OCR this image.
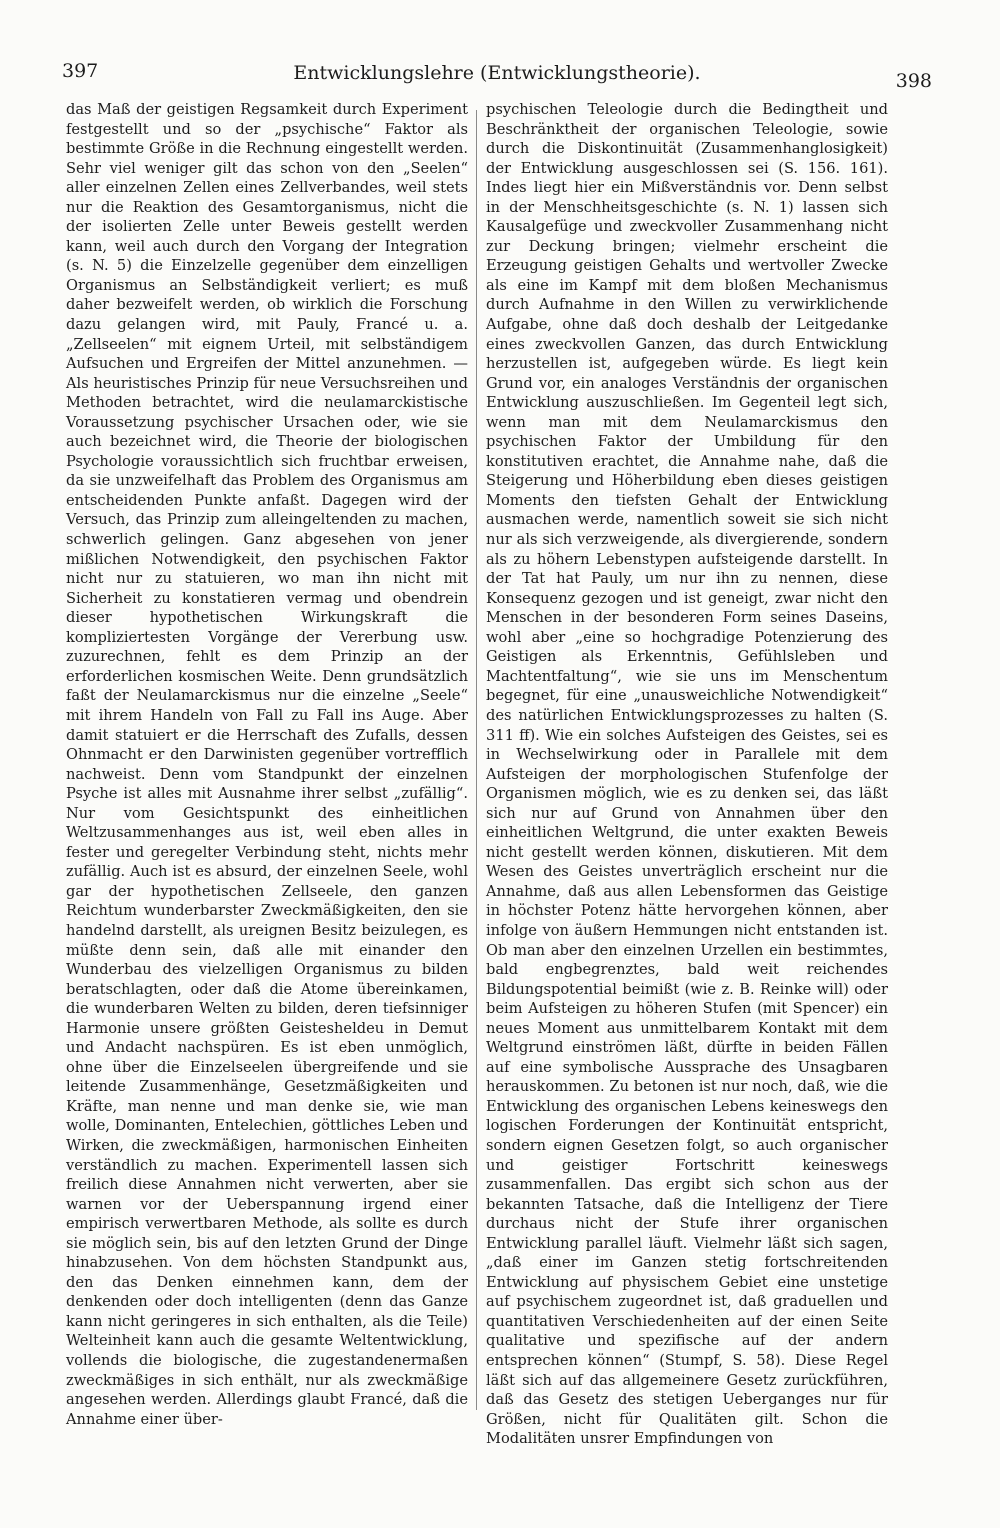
397	Entwicklungslehre (Entwicklungstheorie).	398

das Maß der geistigen Regsamkeit durch Experiment festgestellt und so der „psychische“ Faktor als bestimmte Größe in die Rechnung eingestellt werden. Sehr viel weniger gilt das schon von den „Seelen“ aller einzelnen Zellen eines Zellverbandes, weil stets nur die Reaktion des Gesamtorganismus, nicht die der isolierten Zelle unter Beweis gestellt werden kann, weil auch durch den Vorgang der Integration (s. N. 5) die Einzelzelle gegenüber dem einzelligen Organismus an Selbständigkeit verliert; es muß daher bezweifelt werden, ob wirklich die Forschung dazu gelangen wird, mit Pauly, Francé u. a. „Zellseelen“ mit eignem Urteil, mit selbständigem Aufsuchen und Ergreifen der Mittel anzunehmen. — Als heuristisches Prinzip für neue Versuchsreihen und Methoden betrachtet, wird die neulamarckistische Voraussetzung psychischer Ursachen oder, wie sie auch bezeichnet wird, die Theorie der biologischen Psychologie voraussichtlich sich fruchtbar erweisen, da sie unzweifelhaft das Problem des Organismus am entscheidenden Punkte anfaßt. Dagegen wird der Versuch, das Prinzip zum alleingeltenden zu machen, schwerlich gelingen. Ganz abgesehen von jener mißlichen Notwendigkeit, den psychischen Faktor nicht nur zu statuieren, wo man ihn nicht mit Sicherheit zu konstatieren vermag und obendrein dieser hypothetischen Wirkungskraft die kompliziertesten Vorgänge der Vererbung usw. zuzurechnen, fehlt es dem Prinzip an der erforderlichen kosmischen Weite. Denn grundsätzlich faßt der Neulamarckismus nur die einzelne „Seele“ mit ihrem Handeln von Fall zu Fall ins Auge. Aber damit statuiert er die Herrschaft des Zufalls, dessen Ohnmacht er den Darwinisten gegenüber vortrefflich nachweist. Denn vom Standpunkt der einzelnen Psyche ist alles mit Ausnahme ihrer selbst „zufällig“. Nur vom Gesichtspunkt des einheitlichen Weltzusammenhanges aus ist, weil eben alles in fester und geregelter Verbindung steht, nichts mehr zufällig. Auch ist es absurd, der einzelnen Seele, wohl gar der hypothetischen Zellseele, den ganzen Reichtum wunderbarster Zweckmäßigkeiten, den sie handelnd darstellt, als ureignen Besitz beizulegen, es müßte denn sein, daß alle mit einander den Wunderbau des vielzelligen Organismus zu bilden beratschlagten, oder daß die Atome übereinkamen, die wunderbaren Welten zu bilden, deren tiefsinniger Harmonie unsere größten Geistesheldeu in Demut und Andacht nachspüren. Es ist eben unmöglich, ohne über die Einzelseelen übergreifende und sie leitende Zusammenhänge, Gesetzmäßigkeiten und Kräfte, man nenne und man denke sie, wie man wolle, Dominanten, Entelechien, göttliches Leben und Wirken, die zweckmäßigen, harmonischen Einheiten verständlich zu machen. Experimentell lassen sich freilich diese Annahmen nicht verwerten, aber sie warnen vor der Ueberspannung irgend einer empirisch verwertbaren Methode, als sollte es durch sie möglich sein, bis auf den letzten Grund der Dinge hinabzusehen. Von dem höchsten Standpunkt aus, den das Denken einnehmen kann, dem der denkenden oder doch intelligenten (denn das Ganze kann nicht geringeres in sich enthalten, als die Teile) Welteinheit kann auch die gesamte Weltentwicklung, vollends die biologische, die zugestandenermaßen zweckmäßiges in sich enthält, nur als zweckmäßige angesehen werden. Allerdings glaubt Francé, daß die Annahme einer über-

psychischen Teleologie durch die Bedingtheit und Beschränktheit der organischen Teleologie, sowie durch die Diskontinuität (Zusammenhanglosigkeit) der Entwicklung ausgeschlossen sei (S. 156. 161). Indes liegt hier ein Mißverständnis vor. Denn selbst in der Menschheitsgeschichte (s. N. 1) lassen sich Kausalgefüge und zweckvoller Zusammenhang nicht zur Deckung bringen; vielmehr erscheint die Erzeugung geistigen Gehalts und wertvoller Zwecke als eine im Kampf mit dem bloßen Mechanismus durch Aufnahme in den Willen zu verwirklichende Aufgabe, ohne daß doch deshalb der Leitgedanke eines zweckvollen Ganzen, das durch Entwicklung herzustellen ist, aufgegeben würde. Es liegt kein Grund vor, ein analoges Verständnis der organischen Entwicklung auszuschließen. Im Gegenteil legt sich, wenn man mit dem Neulamarckismus den psychischen Faktor der Umbildung für den konstitutiven erachtet, die Annahme nahe, daß die Steigerung und Höherbildung eben dieses geistigen Moments den tiefsten Gehalt der Entwicklung ausmachen werde, namentlich soweit sie sich nicht nur als sich verzweigende, als divergierende, sondern als zu höhern Lebenstypen aufsteigende darstellt. In der Tat hat Pauly, um nur ihn zu nennen, diese Konsequenz gezogen und ist geneigt, zwar nicht den Menschen in der besonderen Form seines Daseins, wohl aber „eine so hochgradige Potenzierung des Geistigen als Erkenntnis, Gefühlsleben und Machtentfaltung“, wie sie uns im Menschentum begegnet, für eine „unausweichliche Notwendigkeit“ des natürlichen Entwicklungsprozesses zu halten (S. 311 ff). Wie ein solches Aufsteigen des Geistes, sei es in Wechselwirkung oder in Parallele mit dem Aufsteigen der morphologischen Stufenfolge der Organismen möglich, wie es zu denken sei, das läßt sich nur auf Grund von Annahmen über den einheitlichen Weltgrund, die unter exakten Beweis nicht gestellt werden können, diskutieren. Mit dem Wesen des Geistes unverträglich erscheint nur die Annahme, daß aus allen Lebensformen das Geistige in höchster Potenz hätte hervorgehen können, aber infolge von äußern Hemmungen nicht entstanden ist. Ob man aber den einzelnen Urzellen ein bestimmtes, bald engbegrenztes, bald weit reichendes Bildungspotential beimißt (wie z. B. Reinke will) oder beim Aufsteigen zu höheren Stufen (mit Spencer) ein neues Moment aus unmittelbarem Kontakt mit dem Weltgrund einströmen läßt, dürfte in beiden Fällen auf eine symbolische Aussprache des Unsagbaren herauskommen. Zu betonen ist nur noch, daß, wie die Entwicklung des organischen Lebens keineswegs den logischen Forderungen der Kontinuität entspricht, sondern eignen Gesetzen folgt, so auch organischer und geistiger Fortschritt keineswegs zusammenfallen. Das ergibt sich schon aus der bekannten Tatsache, daß die Intelligenz der Tiere durchaus nicht der Stufe ihrer organischen Entwicklung parallel läuft. Vielmehr läßt sich sagen, „daß einer im Ganzen stetig fortschreitenden Entwicklung auf physischem Gebiet eine unstetige auf psychischem zugeordnet ist, daß graduellen und quantitativen Verschiedenheiten auf der einen Seite qualitative und spezifische auf der andern entsprechen können“ (Stumpf, S. 58). Diese Regel läßt sich auf das allgemeinere Gesetz zurückführen, daß das Gesetz des stetigen Ueberganges nur für Größen, nicht für Qualitäten gilt. Schon die Modalitäten unsrer Empfindungen von
